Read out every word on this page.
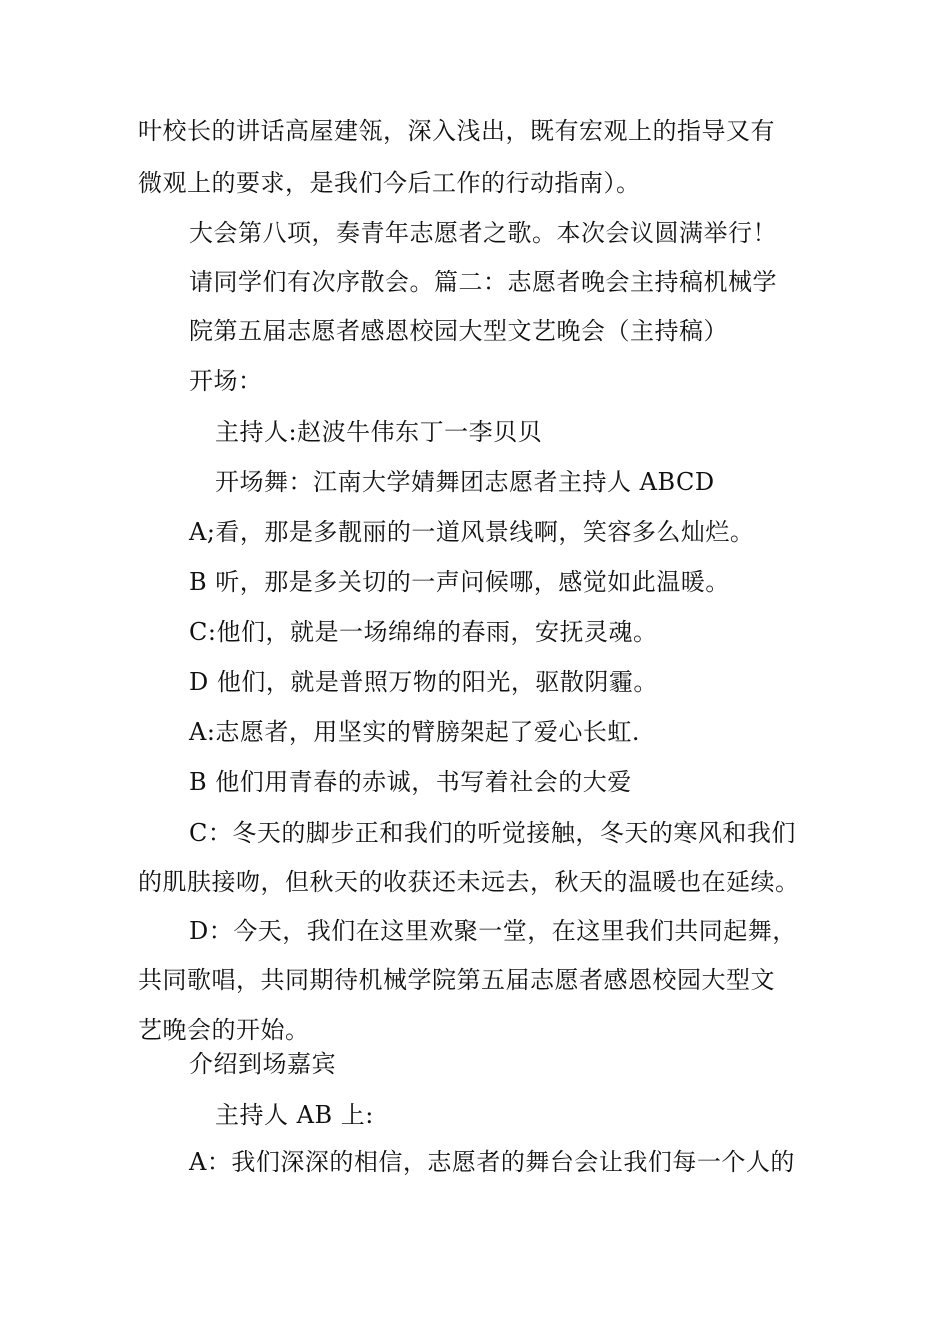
叶校长的讲话高屋建瓴，深入浅出，既有宏观上的指导又有
微观上的要求，是我们今后工作的行动指南）。
大会第八项，奏青年志愿者之歌。本次会议圆满举行！
请同学们有次序散会。篇二：志愿者晚会主持稿机械学
院第五届志愿者感恩校园大型文艺晚会（主持稿）
开场：
主持人:赵波牛伟东丁一李贝贝
开场舞：江南大学婧舞团志愿者主持人 ABCD
A;看，那是多靓丽的一道风景线啊，笑容多么灿烂。
B 听，那是多关切的一声问候哪，感觉如此温暖。
C:他们，就是一场绵绵的春雨，安抚灵魂。
D 他们，就是普照万物的阳光，驱散阴霾。
A:志愿者，用坚实的臂膀架起了爱心长虹.
B 他们用青春的赤诚，书写着社会的大爱
C：冬天的脚步正和我们的听觉接触，冬天的寒风和我们
的肌肤接吻，但秋天的收获还未远去，秋天的温暖也在延续。
D：今天，我们在这里欢聚一堂，在这里我们共同起舞，
共同歌唱，共同期待机械学院第五届志愿者感恩校园大型文
艺晚会的开始。
介绍到场嘉宾
主持人 AB 上:
A：我们深深的相信，志愿者的舞台会让我们每一个人的
